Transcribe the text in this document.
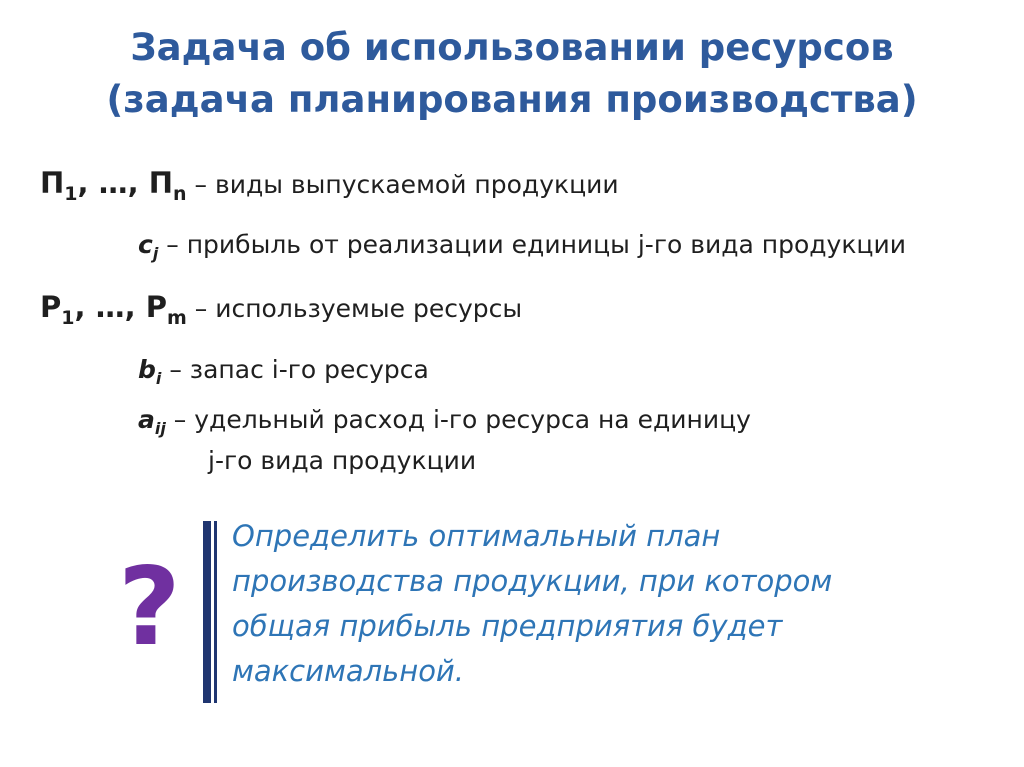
Задача об использовании ресурсов
(задача планирования производства)
$П_1$, …, $П_n$ – виды выпускаемой продукции
$c_j$ – прибыль от реализации единицы j-го вида продукции
$Р_1$, …, $Р_m$ – используемые ресурсы
$b_i$ – запас i-го ресурса
$a_{ij}$ – удельный расход i-го ресурса на единицу
j-го вида продукции
?
Определить оптимальный план
производства продукции, при котором
общая прибыль предприятия будет
максимальной.
